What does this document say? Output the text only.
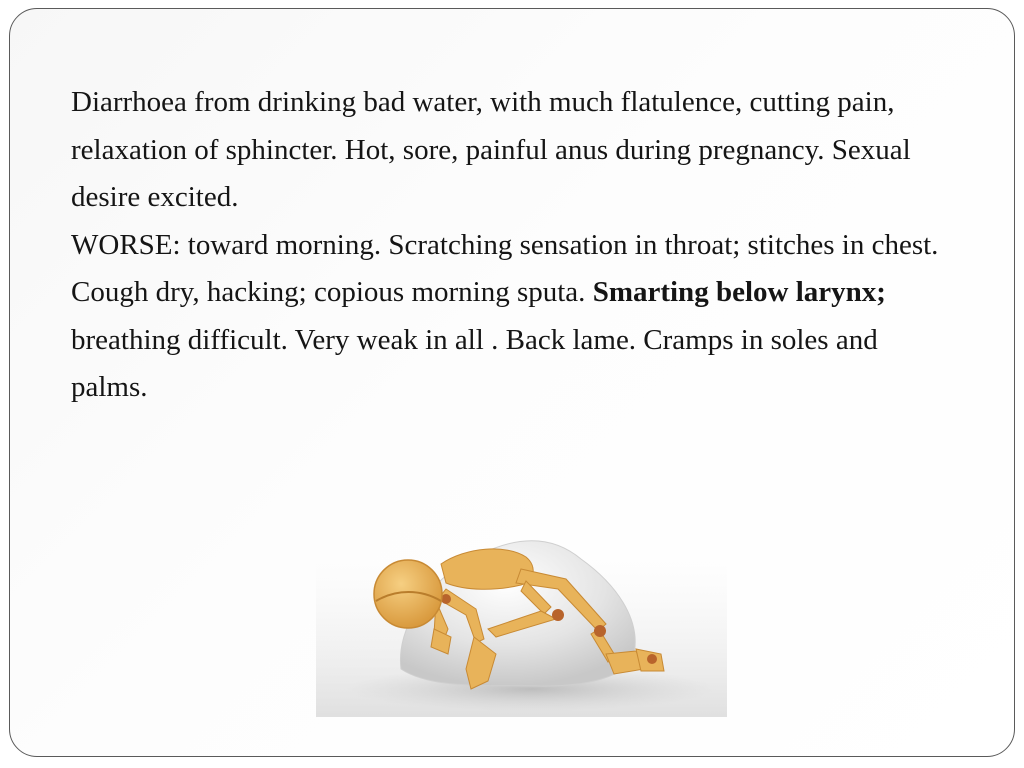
Diarrhoea from drinking bad water, with much flatulence, cutting pain, relaxation of sphincter. Hot, sore, painful anus during pregnancy. Sexual desire excited.
WORSE: toward morning. Scratching sensation in throat; stitches in chest. Cough dry, hacking; copious morning sputa. Smarting below larynx; breathing difficult. Very weak in all . Back lame. Cramps in soles and palms.
